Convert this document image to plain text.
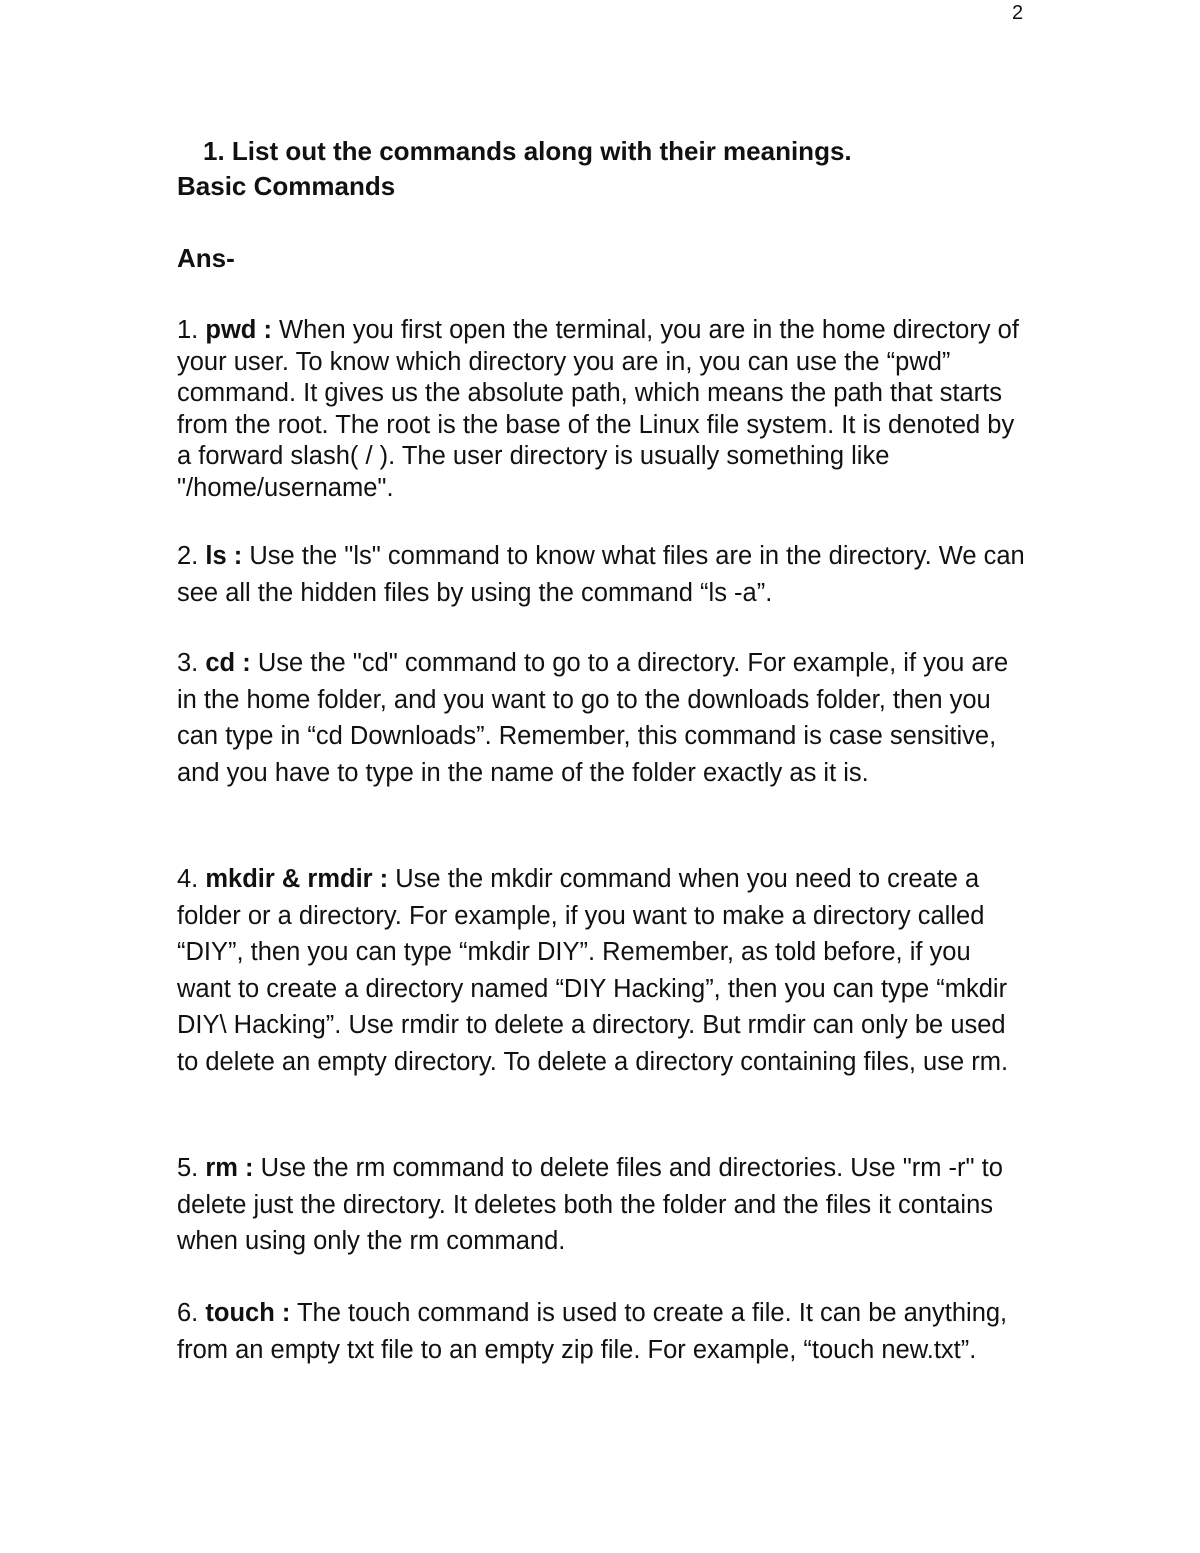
2
1. List out the commands along with their meanings.
Basic Commands
Ans-

1. pwd : When you first open the terminal, you are in the home directory of your user. To know which directory you are in, you can use the “pwd” command. It gives us the absolute path, which means the path that starts from the root. The root is the base of the Linux file system. It is denoted by a forward slash( / ). The user directory is usually something like "/home/username".

2. ls : Use the "ls" command to know what files are in the directory. We can see all the hidden files by using the command “ls -a”.

3. cd : Use the "cd" command to go to a directory. For example, if you are in the home folder, and you want to go to the downloads folder, then you can type in “cd Downloads”. Remember, this command is case sensitive, and you have to type in the name of the folder exactly as it is.

4. mkdir & rmdir : Use the mkdir command when you need to create a folder or a directory. For example, if you want to make a directory called “DIY”, then you can type “mkdir DIY”. Remember, as told before, if you want to create a directory named “DIY Hacking”, then you can type “mkdir DIY\ Hacking”. Use rmdir to delete a directory. But rmdir can only be used to delete an empty directory. To delete a directory containing files, use rm.

5. rm : Use the rm command to delete files and directories. Use "rm -r" to delete just the directory. It deletes both the folder and the files it contains when using only the rm command.

6. touch : The touch command is used to create a file. It can be anything, from an empty txt file to an empty zip file. For example, “touch new.txt”.
